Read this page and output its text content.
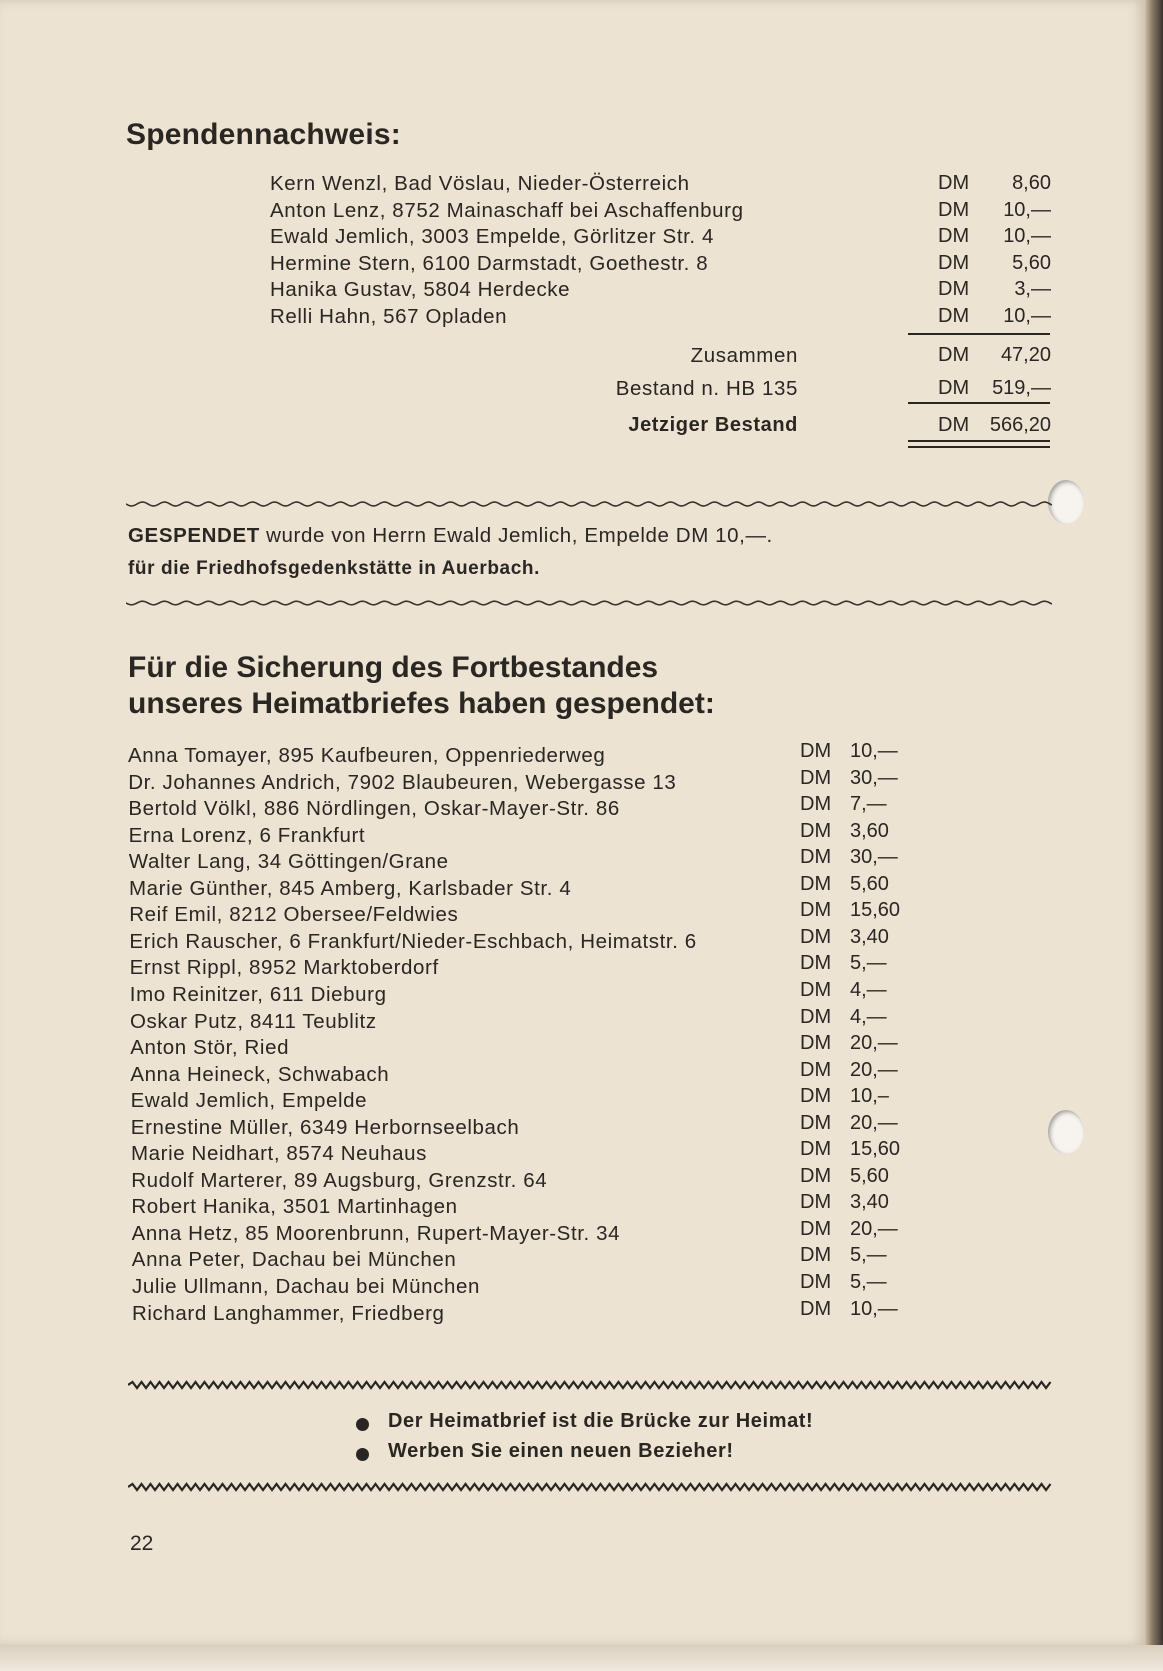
Spendennachweis:
Kern Wenzl, Bad Vöslau, Nieder-Österreich	DM	8,60
Anton Lenz, 8752 Mainaschaff bei Aschaffenburg	DM	10,—
Ewald Jemlich, 3003 Empelde, Görlitzer Str. 4	DM	10,—
Hermine Stern, 6100 Darmstadt, Goethestr. 8	DM	5,60
Hanika Gustav, 5804 Herdecke	DM	3,—
Relli Hahn, 567 Opladen	DM	10,—
Zusammen	DM	47,20
Bestand n. HB 135	DM	519,—
Jetziger Bestand	DM	566,20
GESPENDET wurde von Herrn Ewald Jemlich, Empelde DM 10,—.
für die Friedhofsgedenkstätte in Auerbach.
Für die Sicherung des Fortbestandes
unseres Heimatbriefes haben gespendet:
Anna Tomayer, 895 Kaufbeuren, Oppenriederweg	DM 10,—
Dr. Johannes Andrich, 7902 Blaubeuren, Webergasse 13	DM 30,—
Bertold Völkl, 886 Nördlingen, Oskar-Mayer-Str. 86	DM 7,—
Erna Lorenz, 6 Frankfurt	DM 3,60
Walter Lang, 34 Göttingen/Grane	DM 30,—
Marie Günther, 845 Amberg, Karlsbader Str. 4	DM 5,60
Reif Emil, 8212 Obersee/Feldwies	DM 15,60
Erich Rauscher, 6 Frankfurt/Nieder-Eschbach, Heimatstr. 6	DM 3,40
Ernst Rippl, 8952 Marktoberdorf	DM 5,—
Imo Reinitzer, 611 Dieburg	DM 4,—
Oskar Putz, 8411 Teublitz	DM 4,—
Anton Stör, Ried	DM 20,—
Anna Heineck, Schwabach	DM 20,—
Ewald Jemlich, Empelde	DM 10,–
Ernestine Müller, 6349 Herbornseelbach	DM 20,—
Marie Neidhart, 8574 Neuhaus	DM 15,60
Rudolf Marterer, 89 Augsburg, Grenzstr. 64	DM 5,60
Robert Hanika, 3501 Martinhagen	DM 3,40
Anna Hetz, 85 Moorenbrunn, Rupert-Mayer-Str. 34	DM 20,—
Anna Peter, Dachau bei München	DM 5,—
Julie Ullmann, Dachau bei München	DM 5,—
Richard Langhammer, Friedberg	DM 10,—
Der Heimatbrief ist die Brücke zur Heimat!
Werben Sie einen neuen Bezieher!
22
